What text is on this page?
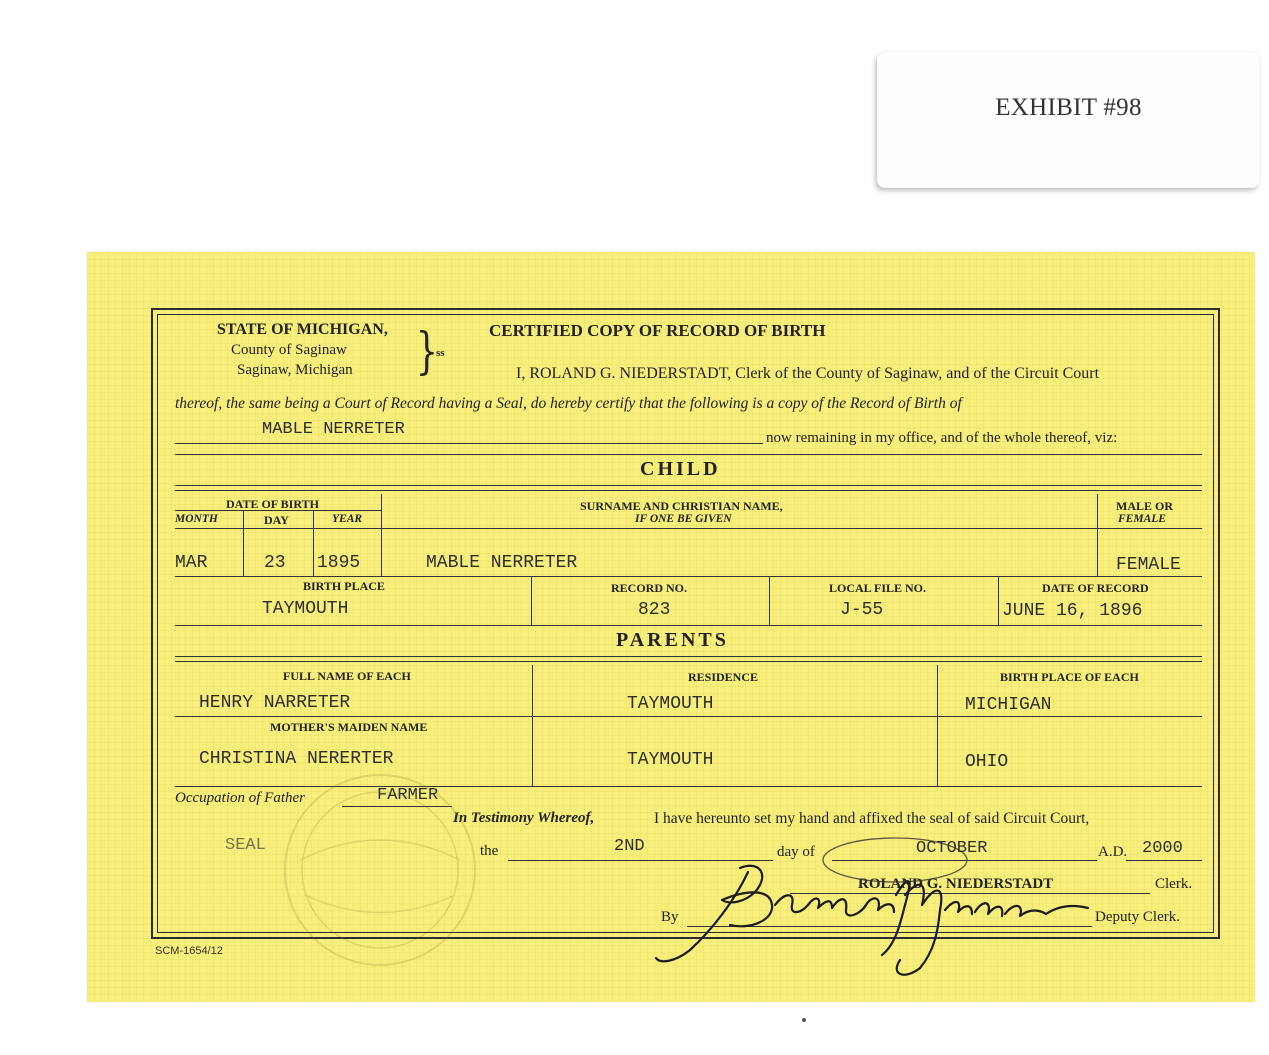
EXHIBIT #98
STATE OF MICHIGAN,
County of Saginaw
Saginaw, Michigan }
ss
CERTIFIED COPY OF RECORD OF BIRTH
I, ROLAND G. NIEDERSTADT, Clerk of the County of Saginaw, and of the Circuit Court
thereof, the same being a Court of Record having a Seal, do hereby certify that the following is a copy of the Record of Birth of
MABLE NERRETER	now remaining in my office, and of the whole thereof, viz:
CHILD
DATE OF BIRTH
MONTH	DAY	YEAR
SURNAME AND CHRISTIAN NAME,
IF ONE BE GIVEN
MALE OR
FEMALE
MAR	23 1895	MABLE NERRETER	FEMALE
BIRTH PLACE	RECORD NO.	LOCAL FILE NO.	DATE OF RECORD
TAYMOUTH	823	J-55	JUNE 16, 1896
PARENTS
FULL NAME OF EACH	RESIDENCE	BIRTH PLACE OF EACH
HENRY NARRETER	TAYMOUTH	MICHIGAN
MOTHER'S MAIDEN NAME
CHRISTINA NERERTER	TAYMOUTH	OHIO
Occupation of Father	FARMER
In Testimony Whereof,	I have hereunto set my hand and affixed the seal of said Circuit Court,
SEAL	the	2ND	day of	OCTOBER	A.D. 2000
ROLAND G. NIEDERSTADT	Clerk.
By	Deputy Clerk.
SCM-1654/12
